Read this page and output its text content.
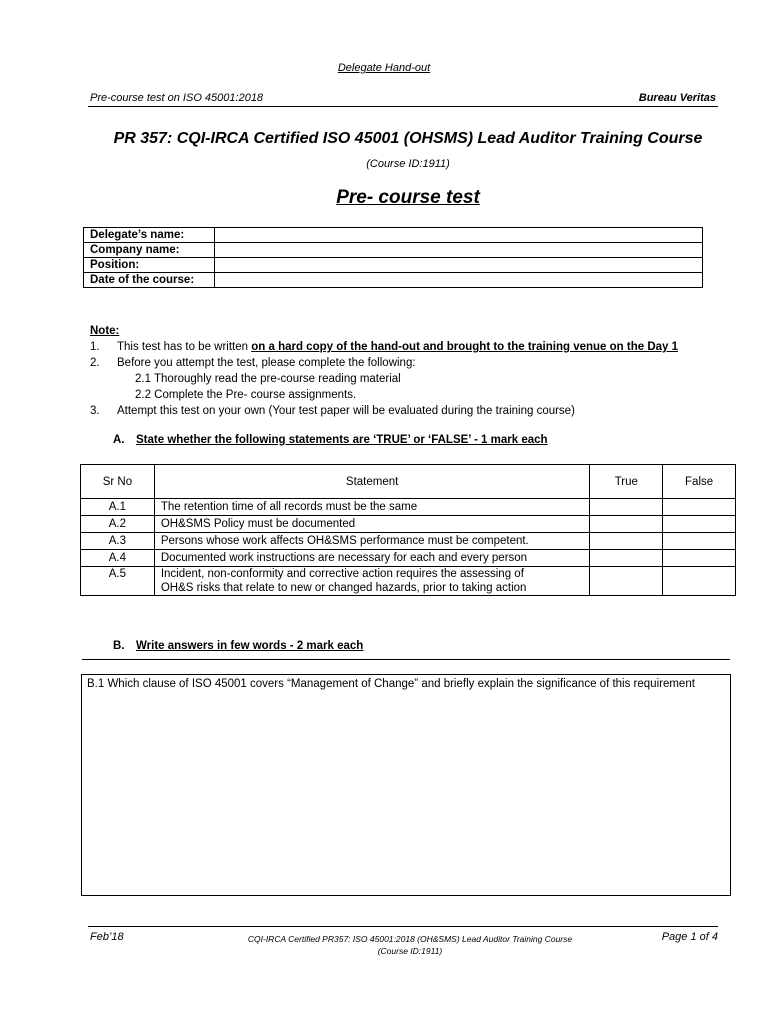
Delegate Hand-out
Pre-course test on ISO 45001:2018	Bureau Veritas
PR 357: CQI-IRCA Certified ISO 45001 (OHSMS) Lead Auditor Training Course
(Course ID:1911)
Pre- course test
Delegate’s name:	
Company name:	
Position:	
Date of the course:	
Note:
1. This test has to be written on a hard copy of the hand-out and brought to the training venue on the Day 1
2. Before you attempt the test, please complete the following:
2.1 Thoroughly read the pre-course reading material
2.2 Complete the Pre- course assignments.
3. Attempt this test on your own (Your test paper will be evaluated during the training course)
A. State whether the following statements are ‘TRUE’ or ‘FALSE’ - 1 mark each
Sr No	Statement	True	False
A.1	The retention time of all records must be the same		
A.2	OH&SMS Policy must be documented		
A.3	Persons whose work affects OH&SMS performance must be competent.		
A.4	Documented work instructions are necessary for each and every person		
A.5	Incident, non-conformity and corrective action requires the assessing of
OH&S risks that relate to new or changed hazards, prior to taking action		

B. Write answers in few words - 2 mark each
B.1 Which clause of ISO 45001 covers “Management of Change” and briefly explain the significance of this requirement
Feb’18	CQI-IRCA Certified PR357: ISO 45001:2018 (OH&SMS) Lead Auditor Training Course
(Course ID:1911)
Page 1 of 4
